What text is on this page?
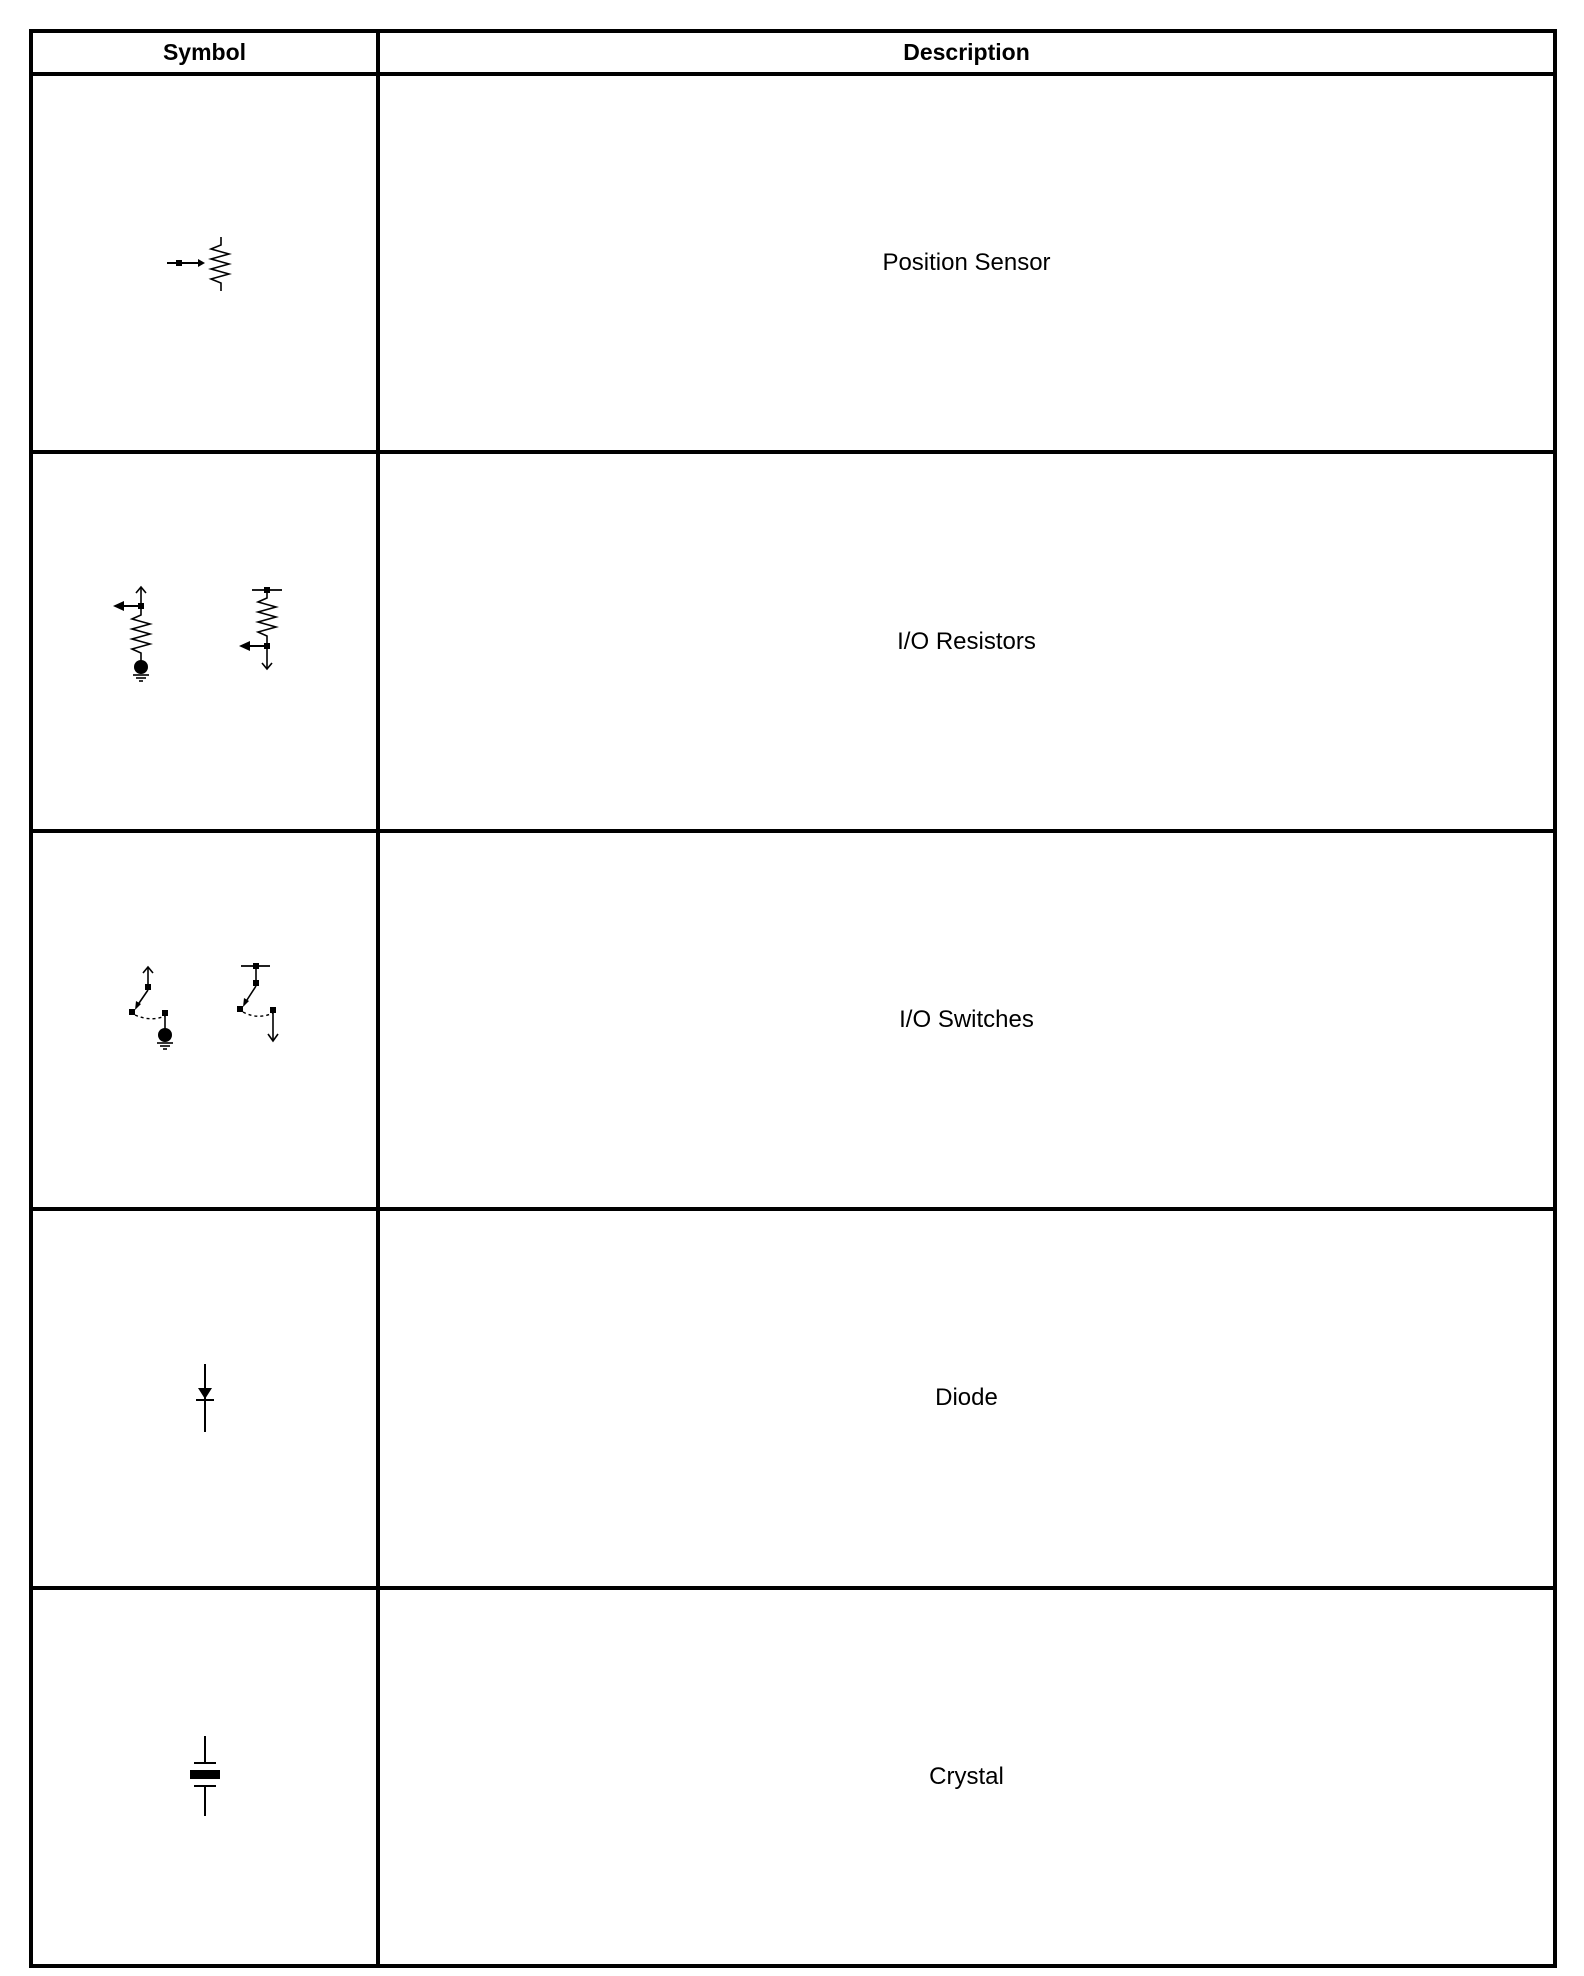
Symbol	Description

	Position Sensor

	I/O Resistors

	I/O Switches

	Diode

	Crystal
